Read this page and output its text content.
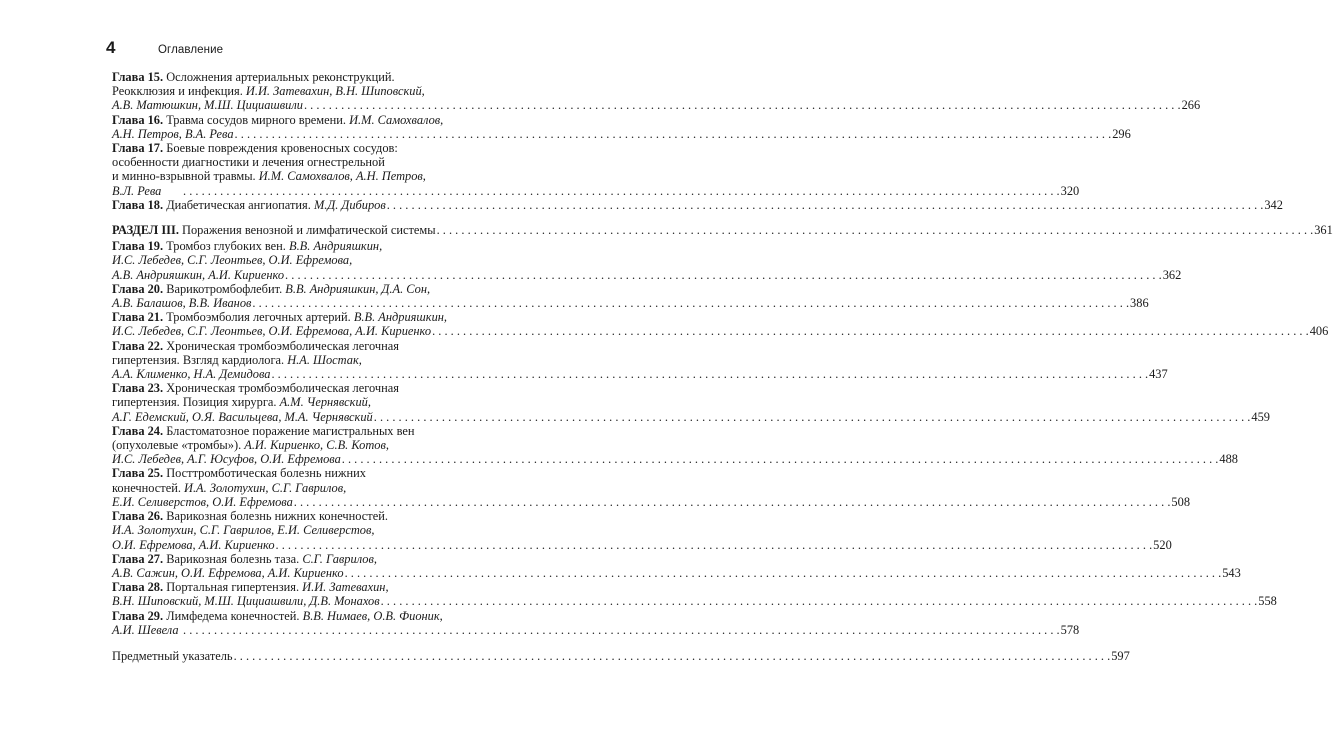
4	Оглавление
Глава 15. Осложнения артериальных реконструкций.
Реокклюзия и инфекция. И.И. Затевахин, В.Н. Шиповский,
А.В. Матюшкин, М.Ш. Цициашвили . . .	266
Глава 16. Травма сосудов мирного времени. И.М. Самохвалов,
А.Н. Петров, В.А. Рева . . .	296
Глава 17. Боевые повреждения кровеносных сосудов:
особенности диагностики и лечения огнестрельной
и минно-взрывной травмы. И.М. Самохвалов, А.Н. Петров,
В.Л. Рева . . .	320
Глава 18. Диабетическая ангиопатия. М.Д. Дибиров . . .	342
РАЗДЕЛ III. Поражения венозной и лимфатической системы . . .	361
Глава 19. Тромбоз глубоких вен. В.В. Андрияшкин,
И.С. Лебедев, С.Г. Леонтьев, О.И. Ефремова,
А.В. Андрияшкин, А.И. Кириенко . . .	362
Глава 20. Варикотромбофлебит. В.В. Андрияшкин, Д.А. Сон,
А.В. Балашов, В.В. Иванов . . .	386
Глава 21. Тромбоэмболия легочных артерий. В.В. Андрияшкин,
И.С. Лебедев, С.Г. Леонтьев, О.И. Ефремова, А.И. Кириенко . . .	406
Глава 22. Хроническая тромбоэмболическая легочная
гипертензия. Взгляд кардиолога. Н.А. Шостак,
А.А. Клименко, Н.А. Демидова . . .	437
Глава 23. Хроническая тромбоэмболическая легочная
гипертензия. Позиция хирурга. А.М. Чернявский,
А.Г. Едемский, О.Я. Васильцева, М.А. Чернявский . . .	459
Глава 24. Бластоматозное поражение магистральных вен
(опухолевые «тромбы»). А.И. Кириенко, С.В. Котов,
И.С. Лебедев, А.Г. Юсуфов, О.И. Ефремова . . .	488
Глава 25. Посттромботическая болезнь нижних
конечностей. И.А. Золотухин, С.Г. Гаврилов,
Е.И. Селиверстов, О.И. Ефремова . . .	508
Глава 26. Варикозная болезнь нижних конечностей.
И.А. Золотухин, С.Г. Гаврилов, Е.И. Селиверстов,
О.И. Ефремова, А.И. Кириенко . . .	520
Глава 27. Варикозная болезнь таза. С.Г. Гаврилов,
А.В. Сажин, О.И. Ефремова, А.И. Кириенко . . .	543
Глава 28. Портальная гипертензия. И.И. Затевахин,
В.Н. Шиповский, М.Ш. Цициашвили, Д.В. Монахов . . .	558
Глава 29. Лимфедема конечностей. В.В. Нимаев, О.В. Фионик,
А.И. Шевела . . .	578
Предметный указатель . . .	597
